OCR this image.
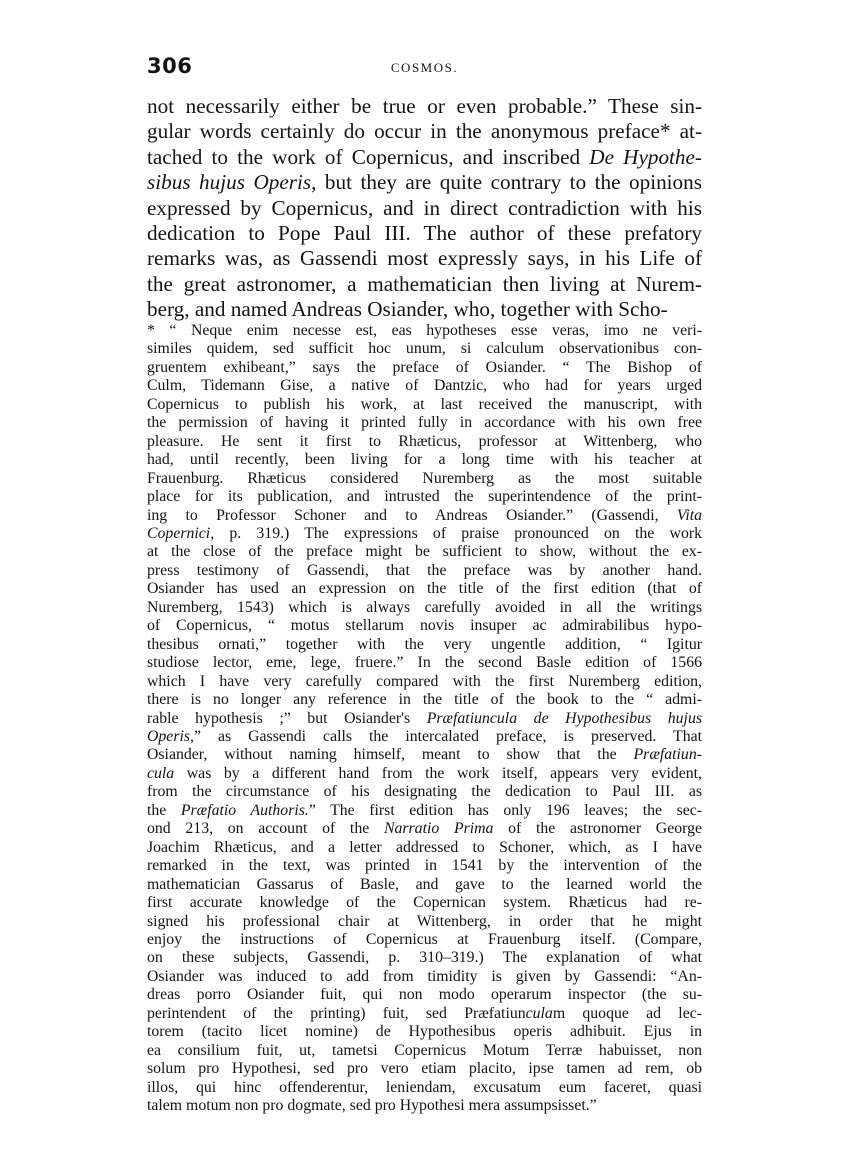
306	COSMOS.
not necessarily either be true or even probable.” These sin-
gular words certainly do occur in the anonymous preface* at-
tached to the work of Copernicus, and inscribed De Hypothe-
sibus hujus Operis, but they are quite contrary to the opinions
expressed by Copernicus, and in direct contradiction with his
dedication to Pope Paul III. The author of these prefatory
remarks was, as Gassendi most expressly says, in his Life of
the great astronomer, a mathematician then living at Nurem-
berg, and named Andreas Osiander, who, together with Scho-
* “ Neque enim necesse est, eas hypotheses esse veras, imo ne veri-
similes quidem, sed sufficit hoc unum, si calculum observationibus con-
gruentem exhibeant,” says the preface of Osiander. “ The Bishop of
Culm, Tidemann Gise, a native of Dantzic, who had for years urged
Copernicus to publish his work, at last received the manuscript, with
the permission of having it printed fully in accordance with his own free
pleasure. He sent it first to Rhæticus, professor at Wittenberg, who
had, until recently, been living for a long time with his teacher at
Frauenburg. Rhæticus considered Nuremberg as the most suitable
place for its publication, and intrusted the superintendence of the print-
ing to Professor Schoner and to Andreas Osiander.” (Gassendi, Vita
Copernici, p. 319.) The expressions of praise pronounced on the work
at the close of the preface might be sufficient to show, without the ex-
press testimony of Gassendi, that the preface was by another hand.
Osiander has used an expression on the title of the first edition (that of
Nuremberg, 1543) which is always carefully avoided in all the writings
of Copernicus, “ motus stellarum novis insuper ac admirabilibus hypo-
thesibus ornati,” together with the very ungentle addition, “ Igitur
studiose lector, eme, lege, fruere.” In the second Basle edition of 1566
which I have very carefully compared with the first Nuremberg edition,
there is no longer any reference in the title of the book to the “ admi-
rable hypothesis ;” but Osiander's Præfatiuncula de Hypothesibus hujus
Operis,” as Gassendi calls the intercalated preface, is preserved. That
Osiander, without naming himself, meant to show that the Præfatiun-
cula was by a different hand from the work itself, appears very evident,
from the circumstance of his designating the dedication to Paul III. as
the Præfatio Authoris.” The first edition has only 196 leaves; the sec-
ond 213, on account of the Narratio Prima of the astronomer George
Joachim Rhæticus, and a letter addressed to Schoner, which, as I have
remarked in the text, was printed in 1541 by the intervention of the
mathematician Gassarus of Basle, and gave to the learned world the
first accurate knowledge of the Copernican system. Rhæticus had re-
signed his professional chair at Wittenberg, in order that he might
enjoy the instructions of Copernicus at Frauenburg itself. (Compare,
on these subjects, Gassendi, p. 310–319.) The explanation of what
Osiander was induced to add from timidity is given by Gassendi: “An-
dreas porro Osiander fuit, qui non modo operarum inspector (the su-
perintendent of the printing) fuit, sed Præfatiunculam quoque ad lec-
torem (tacito licet nomine) de Hypothesibus operis adhibuit. Ejus in
ea consilium fuit, ut, tametsi Copernicus Motum Terræ habuisset, non
solum pro Hypothesi, sed pro vero etiam placito, ipse tamen ad rem, ob
illos, qui hinc offenderentur, leniendam, excusatum eum faceret, quasi
talem motum non pro dogmate, sed pro Hypothesi mera assumpsisset.”
